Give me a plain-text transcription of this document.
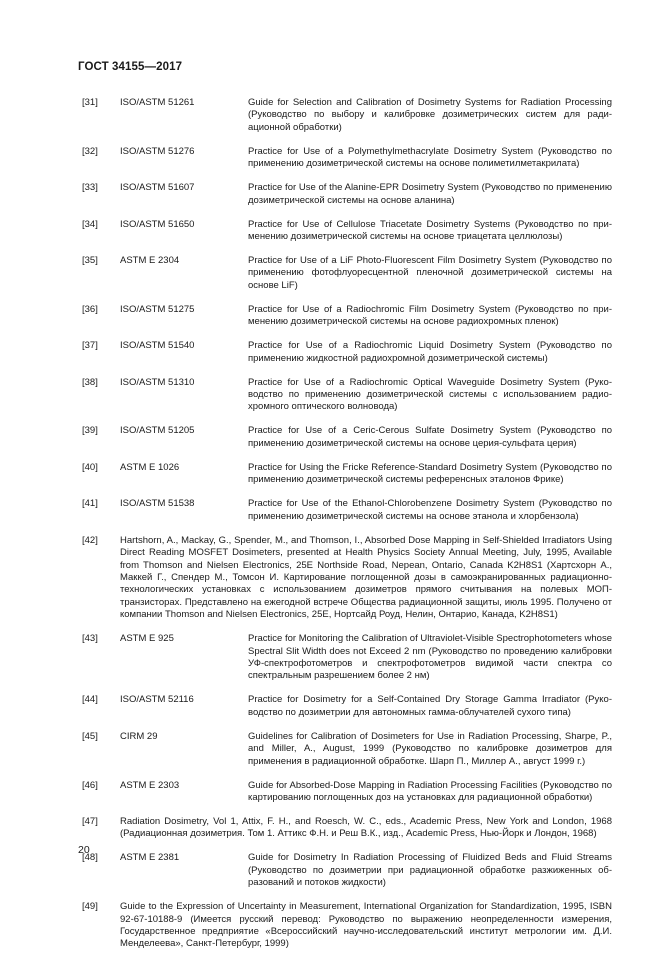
ГОСТ 34155—2017
[31] ISO/ASTM 51261	Guide for Selection and Calibration of Dosimetry Systems for Radiation Processing (Руководство по выбору и калибровке дозиметрических систем для радиационной обработки)
[32] ISO/ASTM 51276	Practice for Use of a Polymethylmethacrylate Dosimetry System (Руководство по применению дозиметрической системы на основе полиметилметакрилата)
[33] ISO/ASTM 51607	Practice for Use of the Alanine-EPR Dosimetry System (Руководство по применению дозиметрической системы на основе аланина)
[34] ISO/ASTM 51650	Practice for Use of Cellulose Triacetate Dosimetry Systems (Руководство по применению дозиметрической системы на основе триацетата целлюлозы)
[35] ASTM E 2304	Practice for Use of a LiF Photo-Fluorescent Film Dosimetry System (Руководство по применению фотофлуоресцентной пленочной дозиметрической системы на основе LiF)
[36] ISO/ASTM 51275	Practice for Use of a Radiochromic Film Dosimetry System (Руководство по применению дозиметрической системы на основе радиохромных пленок)
[37] ISO/ASTM 51540	Practice for Use of a Radiochromic Liquid Dosimetry System (Руководство по применению жидкостной радиохромной дозиметрической системы)
[38] ISO/ASTM 51310	Practice for Use of a Radiochromic Optical Waveguide Dosimetry System (Руководство по применению дозиметрической системы с использованием радиохромного оптического волновода)
[39] ISO/ASTM 51205	Practice for Use of a Ceric-Cerous Sulfate Dosimetry System (Руководство по применению дозиметрической системы на основе церия-сульфата церия)
[40] ASTM E 1026	Practice for Using the Fricke Reference-Standard Dosimetry System (Руководство по применению дозиметрической системы референсных эталонов Фрике)
[41] ISO/ASTM 51538	Practice for Use of the Ethanol-Chlorobenzene Dosimetry System (Руководство по применению дозиметрической системы на основе этанола и хлорбензола)
[42] Hartshorn, A., Mackay, G., Spender, M., and Thomson, I., Absorbed Dose Mapping in Self-Shielded Irradiators Using Direct Reading MOSFET Dosimeters, presented at Health Physics Society Annual Meeting, July, 1995, Available from Thomson and Nielsen Electronics, 25E Northside Road, Nepean, Ontario, Canada K2H8S1 (Хартсхорн А., Маккей Г., Спендер М., Томсон И. Картирование поглощенной дозы в самоэкранированных радиационно-технологических установках с использованием дозиметров прямого считывания на полевых МОП-транзисторах. Представлено на ежегодной встрече Общества радиационной защиты, июль 1995. Получено от компании Thomson and Nielsen Electronics, 25E, Нортсайд Роуд, Нелин, Онтарио, Канада, K2H8S1)
[43] ASTM E 925	Practice for Monitoring the Calibration of Ultraviolet-Visible Spectrophotometers whose Spectral Slit Width does not Exceed 2 nm (Руководство по проведению калибровки УФ-спектрофотометров и спектрофотометров видимой части спектра со спектральным разрешением более 2 нм)
[44] ISO/ASTM 52116	Practice for Dosimetry for a Self-Contained Dry Storage Gamma Irradiator (Руководство по дозиметрии для автономных гамма-облучателей сухого типа)
[45] CIRM 29	Guidelines for Calibration of Dosimeters for Use in Radiation Processing, Sharpe, P., and Miller, A., August, 1999 (Руководство по калибровке дозиметров для применения в радиационной обработке. Шарп П., Миллер А., август 1999 г.)
[46] ASTM E 2303	Guide for Absorbed-Dose Mapping in Radiation Processing Facilities (Руководство по картированию поглощенных доз на установках для радиационной обработки)
[47] Radiation Dosimetry, Vol 1, Attix, F. H., and Roesch, W. C., eds., Academic Press, New York and London, 1968 (Радиационная дозиметрия. Том 1. Аттикс Ф.Н. и Реш В.К., изд., Academic Press, Нью-Йорк и Лондон, 1968)
[48] ASTM E 2381	Guide for Dosimetry In Radiation Processing of Fluidized Beds and Fluid Streams (Руководство по дозиметрии при радиационной обработке разжиженных образований и потоков жидкости)
[49] Guide to the Expression of Uncertainty in Measurement, International Organization for Standardization, 1995, ISBN 92-67-10188-9 (Имеется русский перевод: Руководство по выражению неопределенности измерения, Государственное предприятие «Всероссийский научно-исследовательский институт метрологии им. Д.И. Менделеева», Санкт-Петербург, 1999)
20
